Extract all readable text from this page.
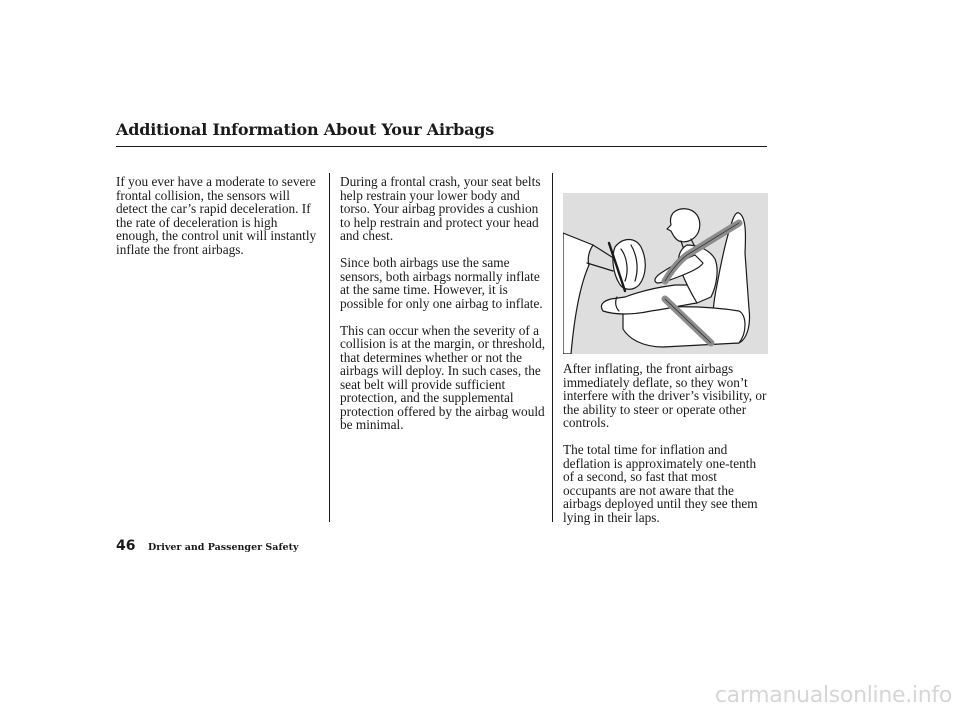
Additional Information About Your Airbags

If you ever have a moderate to severe frontal collision, the sensors will detect the car’s rapid deceleration. If the rate of deceleration is high enough, the control unit will instantly inflate the front airbags.

During a frontal crash, your seat belts help restrain your lower body and torso. Your airbag provides a cushion to help restrain and protect your head and chest.

Since both airbags use the same sensors, both airbags normally inflate at the same time. However, it is possible for only one airbag to inflate.

This can occur when the severity of a collision is at the margin, or threshold, that determines whether or not the airbags will deploy. In such cases, the seat belt will provide sufficient protection, and the supplemental protection offered by the airbag would be minimal.

After inflating, the front airbags immediately deflate, so they won’t interfere with the driver’s visibility, or the ability to steer or operate other controls.

The total time for inflation and deflation is approximately one-tenth of a second, so fast that most occupants are not aware that the airbags deployed until they see them lying in their laps.

46 Driver and Passenger Safety
carmanualsonline.info
